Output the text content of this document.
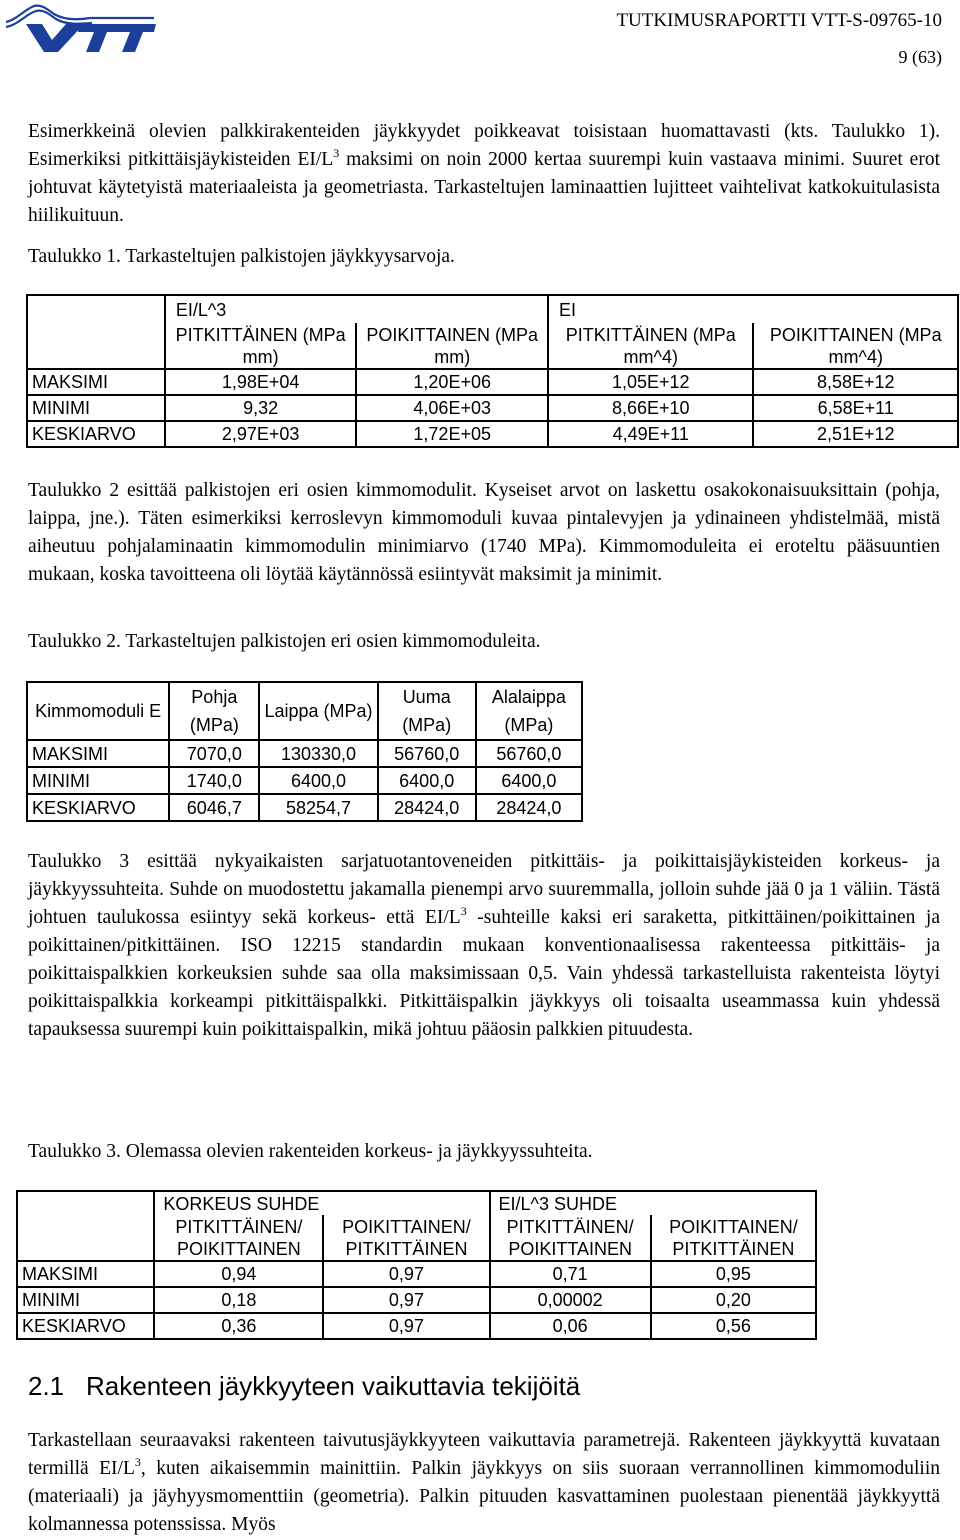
TUTKIMUSRAPORTTI VTT-S-09765-10
9 (63)
Esimerkkeinä olevien palkkirakenteiden jäykkyydet poikkeavat toisistaan huomattavasti (kts. Taulukko 1). Esimerkiksi pitkittäisjäykisteiden $EI/L^3$ maksimi on noin 2000 kertaa suurempi kuin vastaava minimi. Suuret erot johtuvat käytetyistä materiaaleista ja geometriasta. Tarkasteltujen laminaattien lujitteet vaihtelivat katkokuitulasista hiilikuituun.
Taulukko 1. Tarkasteltujen palkistojen jäykkyysarvoja.
	EI/L^3		EI	
	PITKITTÄINEN (MPa mm)	POIKITTAINEN (MPa mm)	PITKITTÄINEN (MPa mm^4)	POIKITTAINEN (MPa mm^4)
MAKSIMI	1,98E+04	1,20E+06	1,05E+12	8,58E+12
MINIMI	9,32	4,06E+03	8,66E+10	6,58E+11
KESKIARVO	2,97E+03	1,72E+05	4,49E+11	2,51E+12
Taulukko 2 esittää palkistojen eri osien kimmomodulit. Kyseiset arvot on laskettu osakokonaisuuksittain (pohja, laippa, jne.). Täten esimerkiksi kerroslevyn kimmomoduli kuvaa pintalevyjen ja ydinaineen yhdistelmää, mistä aiheutuu pohjalaminaatin kimmomodulin minimiarvo (1740 MPa). Kimmomoduleita ei eroteltu pääsuuntien mukaan, koska tavoitteena oli löytää käytännössä esiintyvät maksimit ja minimit.
Taulukko 2. Tarkasteltujen palkistojen eri osien kimmomoduleita.
Kimmomoduli E	Pohja (MPa)	Laippa (MPa)	Uuma (MPa)	Alalaippa (MPa)
MAKSIMI	7070,0	130330,0	56760,0	56760,0
MINIMI	1740,0	6400,0	6400,0	6400,0
KESKIARVO	6046,7	58254,7	28424,0	28424,0
Taulukko 3 esittää nykyaikaisten sarjatuotantoveneiden pitkittäis- ja poikittaisjäykisteiden korkeus- ja jäykkyyssuhteita. Suhde on muodostettu jakamalla pienempi arvo suuremmalla, jolloin suhde jää 0 ja 1 väliin. Tästä johtuen taulukossa esiintyy sekä korkeus- että $EI/L^3$ -suhteille kaksi eri saraketta, pitkittäinen/poikittainen ja poikittainen/pitkittäinen. ISO 12215 standardin mukaan konventionaalisessa rakenteessa pitkittäis- ja poikittaispalkkien korkeuksien suhde saa olla maksimissaan 0,5. Vain yhdessä tarkastelluista rakenteista löytyi poikittaispalkkia korkeampi pitkittäispalkki. Pitkittäispalkin jäykkyys oli toisaalta useammassa kuin yhdessä tapauksessa suurempi kuin poikittaispalkin, mikä johtuu pääosin palkkien pituudesta.
Taulukko 3. Olemassa olevien rakenteiden korkeus- ja jäykkyyssuhteita.
	KORKEUS SUHDE		EI/L^3 SUHDE	
	PITKITTÄINEN/ POIKITTAINEN	POIKITTAINEN/ PITKITTÄINEN	PITKITTÄINEN/ POIKITTAINEN	POIKITTAINEN/ PITKITTÄINEN
MAKSIMI	0,94	0,97	0,71	0,95
MINIMI	0,18	0,97	0,00002	0,20
KESKIARVO	0,36	0,97	0,06	0,56
2.1 Rakenteen jäykkyyteen vaikuttavia tekijöitä
Tarkastellaan seuraavaksi rakenteen taivutusjäykkyyteen vaikuttavia parametrejä. Rakenteen jäykkyyttä kuvataan termillä $EI/L^3$, kuten aikaisemmin mainittiin. Palkin jäykkyys on siis suoraan verrannollinen kimmomoduliin (materiaali) ja jäyhyysmomenttiin (geometria). Palkin pituuden kasvattaminen puolestaan pienentää jäykkyyttä kolmannessa potenssissa. Myös
